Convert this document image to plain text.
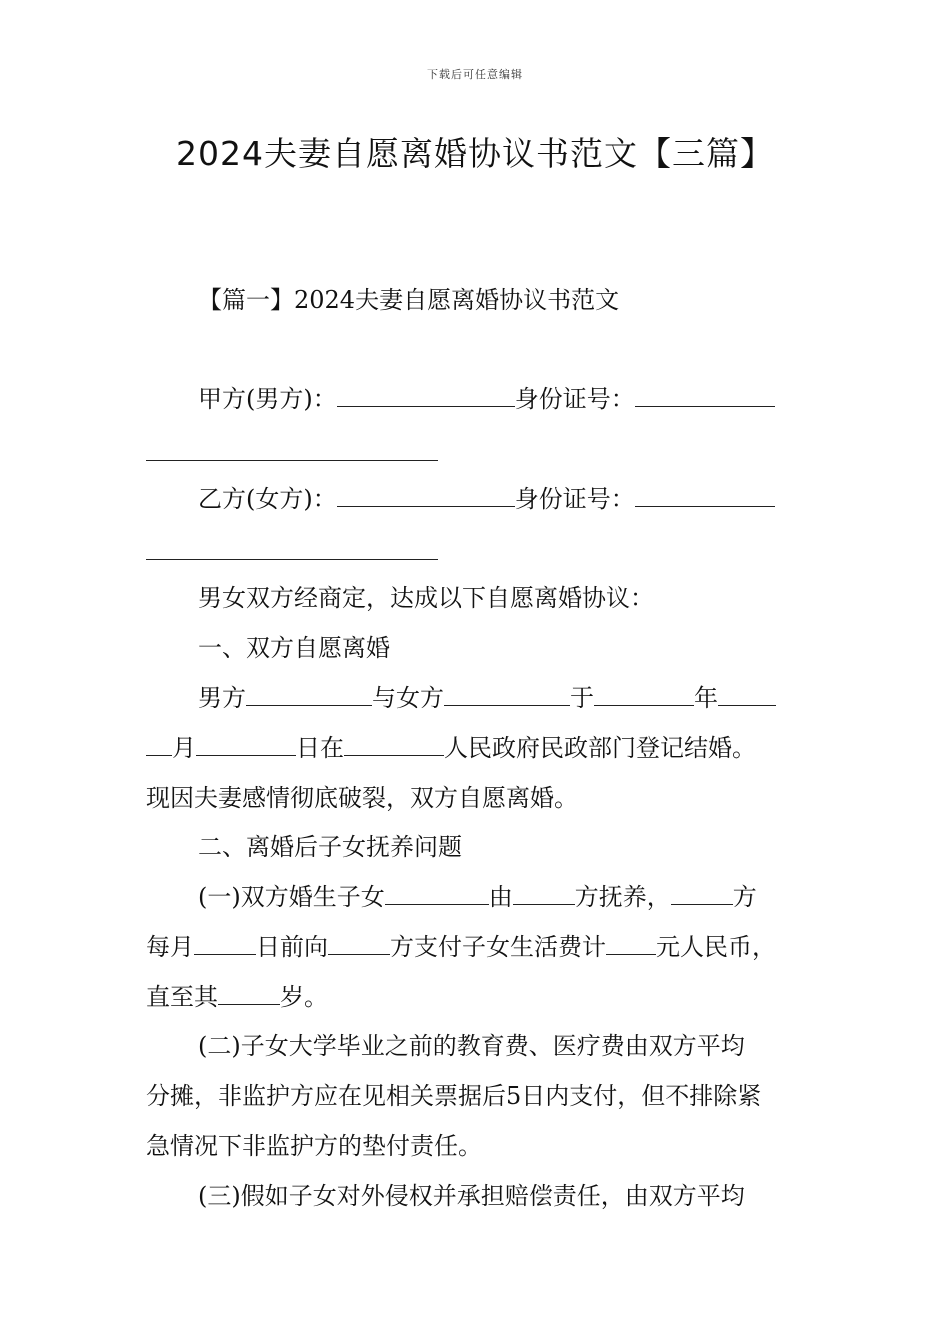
下载后可任意编辑
2024夫妻自愿离婚协议书范文【三篇】
【篇一】2024夫妻自愿离婚协议书范文
甲方(男方)：	身份证号：
乙方(女方)：	身份证号：
男女双方经商定，达成以下自愿离婚协议：
一、双方自愿离婚
男方	与女方	于	年
月	日在	人民政府民政部门登记结婚。
现因夫妻感情彻底破裂，双方自愿离婚。
二、离婚后子女抚养问题
(一)双方婚生子女	由	方抚养，	方
每月	日前向	方支付子女生活费计 元人民币，
直至其	岁。
(二)子女大学毕业之前的教育费、医疗费由双方平均
分摊，非监护方应在见相关票据后5日内支付，但不排除紧
急情况下非监护方的垫付责任。
(三)假如子女对外侵权并承担赔偿责任，由双方平均
